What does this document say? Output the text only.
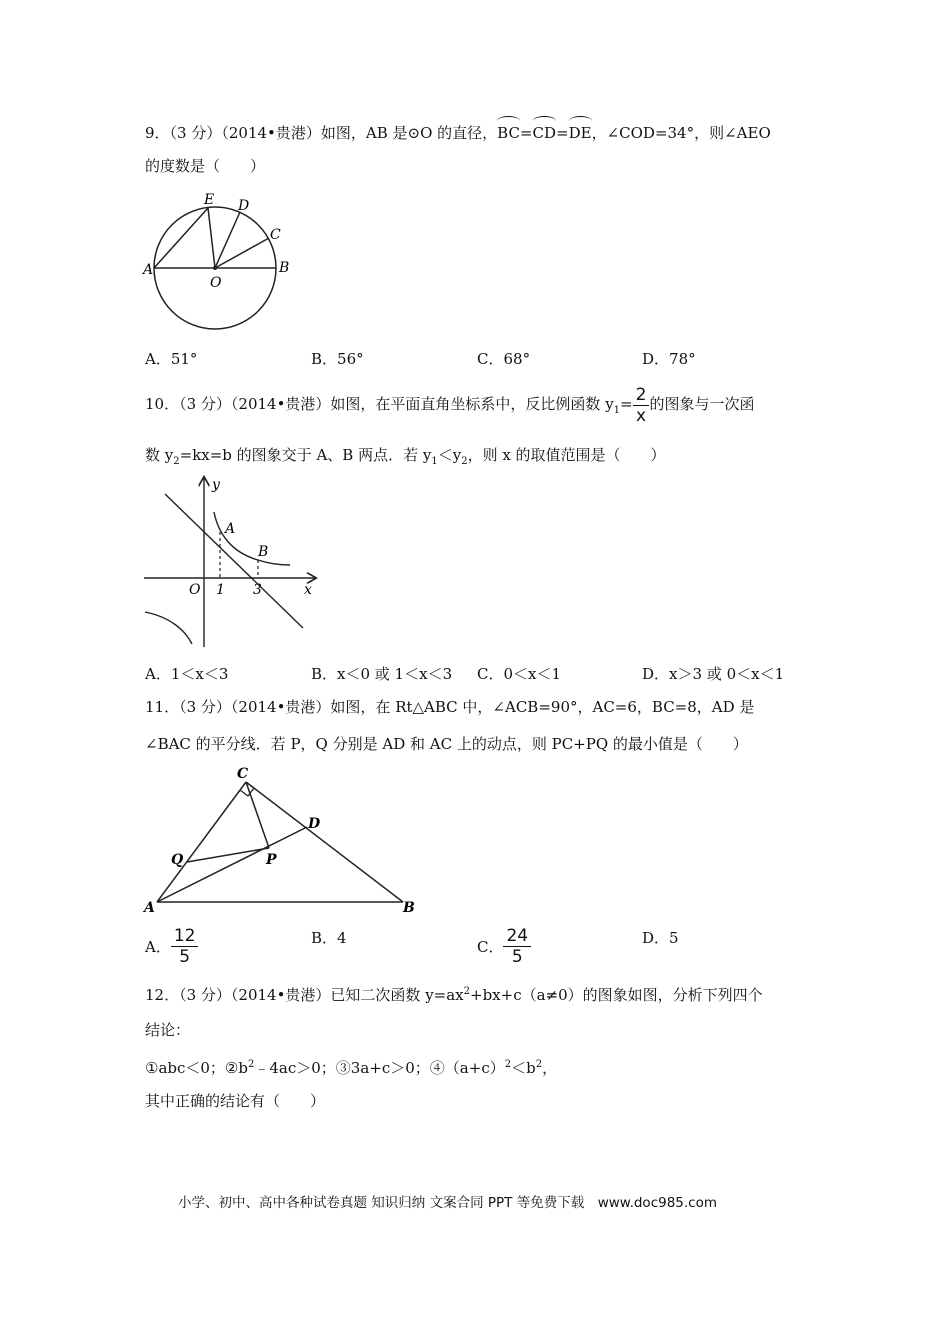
9．（3 分）（2014•贵港）如图，AB 是⊙O 的直径，BC=CD=DE，∠COD=34°，则∠AEO
的度数是（　　）
A	B
C
D
E
O
A．51°	B．56°	C．68°	D．78°
10．（3 分）（2014•贵港）如图，在平面直角坐标系中，反比例函数 $y_1= \frac{2}{x}$ 的图象与一次函
数 $y_2=kx=b$ 的图象交于 A、B 两点．若 $y_1<y_2$，则 x 的取值范围是（　　）
y
x
O 1 3
A
B
A．1＜x＜3	B．x＜0 或 1＜x＜3 C．0＜x＜1	D．x＞3 或 0＜x＜1
11．（3 分）（2014•贵港）如图，在 Rt△ABC 中，∠ACB=90°，AC=6，BC=8，AD 是
∠BAC 的平分线．若 P，Q 分别是 AD 和 AC 上的动点，则 PC+PQ 的最小值是（　　）
A	B
C
D
P
Q
A． $\frac{12}{5}$	B．4	C． $\frac{24}{5}$	D．5
12．（3 分）（2014•贵港）已知二次函数 $y=ax^2+bx+c(a\ne 0)$的图象如图，分析下列四个
结论：
①abc＜0；$②b^2﹣4ac>0$；③3a+c＞0；$④(a+c)^2<b^2$，
其中正确的结论有（　　）
小学、初中、高中各种试卷真题 知识归纳 文案合同 PPT 等免费下载　www.doc985.com
